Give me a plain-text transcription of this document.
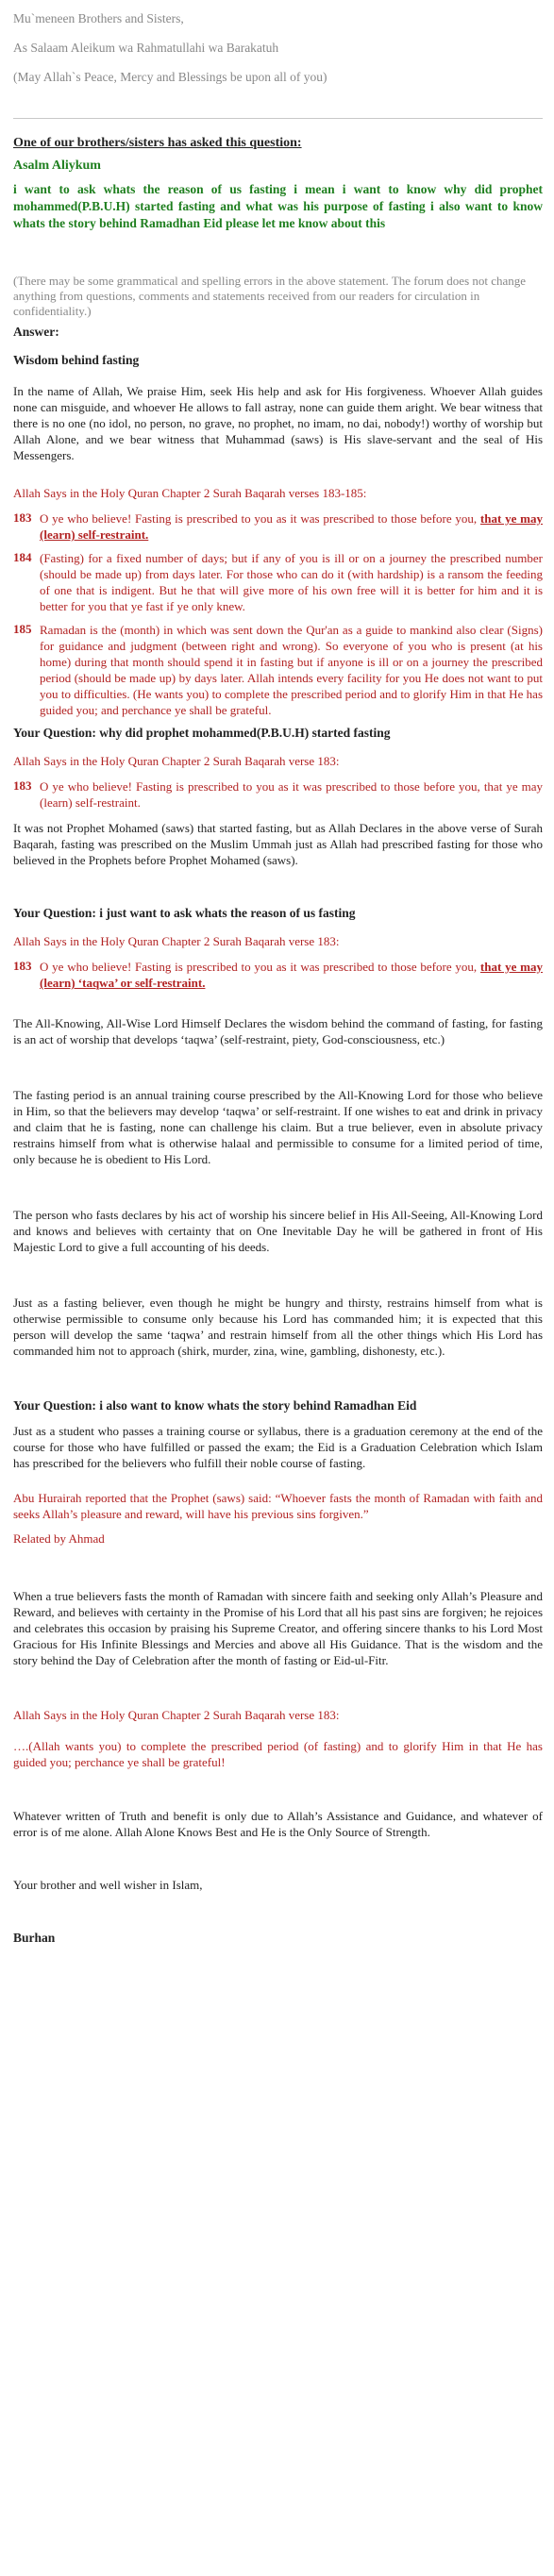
Mu`meneen Brothers and Sisters,

As Salaam Aleikum wa Rahmatullahi wa Barakatuh

(May Allah`s Peace, Mercy and Blessings be upon all of you)

One of our brothers/sisters has asked this question:

Asalm Aliykum

i want to ask whats the reason of us fasting i mean i want to know why did prophet mohammed(P.B.U.H) started fasting and what was his purpose of fasting i also want to know whats the story behind Ramadhan Eid please let me know about this

(There may be some grammatical and spelling errors in the above statement. The forum does not change anything from questions, comments and statements received from our readers for circulation in confidentiality.)

Answer:

Wisdom behind fasting

In the name of Allah, We praise Him, seek His help and ask for His forgiveness. Whoever Allah guides none can misguide, and whoever He allows to fall astray, none can guide them aright. We bear witness that there is no one (no idol, no person, no grave, no prophet, no imam, no dai, nobody!) worthy of worship but Allah Alone, and we bear witness that Muhammad (saws) is His slave-servant and the seal of His Messengers.

Allah Says in the Holy Quran Chapter 2 Surah Baqarah verses 183-185:

183 O ye who believe! Fasting is prescribed to you as it was prescribed to those before you, that ye may (learn) self-restraint.
184 (Fasting) for a fixed number of days; but if any of you is ill or on a journey the prescribed number (should be made up) from days later. For those who can do it (with hardship) is a ransom the feeding of one that is indigent. But he that will give more of his own free will it is better for him and it is better for you that ye fast if ye only knew.
185 Ramadan is the (month) in which was sent down the Qur'an as a guide to mankind also clear (Signs) for guidance and judgment (between right and wrong). So everyone of you who is present (at his home) during that month should spend it in fasting but if anyone is ill or on a journey the prescribed period (should be made up) by days later. Allah intends every facility for you He does not want to put you to difficulties. (He wants you) to complete the prescribed period and to glorify Him in that He has guided you; and perchance ye shall be grateful.

Your Question: why did prophet mohammed(P.B.U.H) started fasting

Allah Says in the Holy Quran Chapter 2 Surah Baqarah verse 183:

183 O ye who believe! Fasting is prescribed to you as it was prescribed to those before you, that ye may (learn) self-restraint.

It was not Prophet Mohamed (saws) that started fasting, but as Allah Declares in the above verse of Surah Baqarah, fasting was prescribed on the Muslim Ummah just as Allah had prescribed fasting for those who believed in the Prophets before Prophet Mohamed (saws).

Your Question: i just want to ask whats the reason of us fasting

Allah Says in the Holy Quran Chapter 2 Surah Baqarah verse 183:

183 O ye who believe! Fasting is prescribed to you as it was prescribed to those before you, that ye may (learn) ‘taqwa’ or self-restraint.

The All-Knowing, All-Wise Lord Himself Declares the wisdom behind the command of fasting, for fasting is an act of worship that develops ‘taqwa’ (self-restraint, piety, God-consciousness, etc.)

The fasting period is an annual training course prescribed by the All-Knowing Lord for those who believe in Him, so that the believers may develop ‘taqwa’ or self-restraint. If one wishes to eat and drink in privacy and claim that he is fasting, none can challenge his claim. But a true believer, even in absolute privacy restrains himself from what is otherwise halaal and permissible to consume for a limited period of time, only because he is obedient to His Lord.

The person who fasts declares by his act of worship his sincere belief in His All-Seeing, All-Knowing Lord and knows and believes with certainty that on One Inevitable Day he will be gathered in front of His Majestic Lord to give a full accounting of his deeds.

Just as a fasting believer, even though he might be hungry and thirsty, restrains himself from what is otherwise permissible to consume only because his Lord has commanded him; it is expected that this person will develop the same ‘taqwa’ and restrain himself from all the other things which His Lord has commanded him not to approach (shirk, murder, zina, wine, gambling, dishonesty, etc.).

Your Question: i also want to know whats the story behind Ramadhan Eid

Just as a student who passes a training course or syllabus, there is a graduation ceremony at the end of the course for those who have fulfilled or passed the exam; the Eid is a Graduation Celebration which Islam has prescribed for the believers who fulfill their noble course of fasting.

Abu Hurairah reported that the Prophet (saws) said: “Whoever fasts the month of Ramadan with faith and seeks Allah’s pleasure and reward, will have his previous sins forgiven.”

Related by Ahmad

When a true believers fasts the month of Ramadan with sincere faith and seeking only Allah’s Pleasure and Reward, and believes with certainty in the Promise of his Lord that all his past sins are forgiven; he rejoices and celebrates this occasion by praising his Supreme Creator, and offering sincere thanks to his Lord Most Gracious for His Infinite Blessings and Mercies and above all His Guidance. That is the wisdom and the story behind the Day of Celebration after the month of fasting or Eid-ul-Fitr.

Allah Says in the Holy Quran Chapter 2 Surah Baqarah verse 183:

….(Allah wants you) to complete the prescribed period (of fasting) and to glorify Him in that He has guided you; perchance ye shall be grateful!

Whatever written of Truth and benefit is only due to Allah’s Assistance and Guidance, and whatever of error is of me alone. Allah Alone Knows Best and He is the Only Source of Strength.

Your brother and well wisher in Islam,

Burhan
